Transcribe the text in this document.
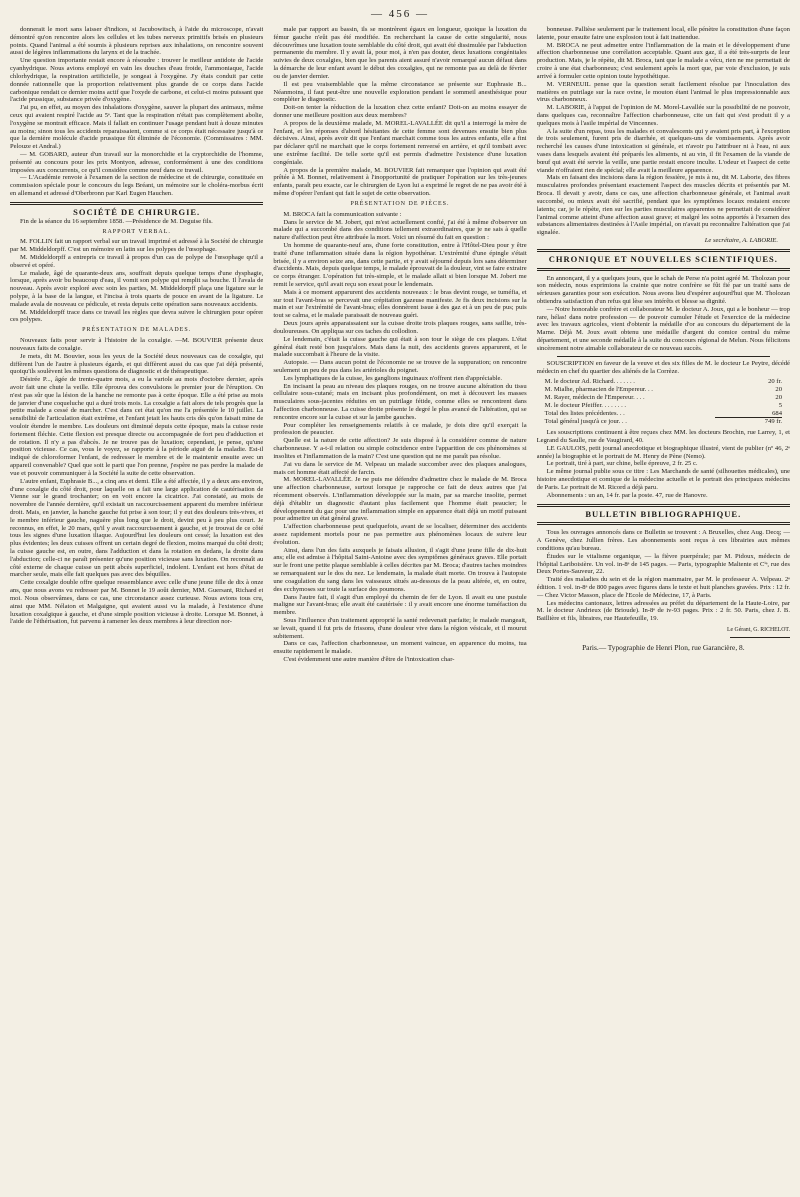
— 456 —

donnerait le mort sans laisser d'indices, si Jacubowitsch, à l'aide du microscope, n'avait démontré qu'on rencontre alors les cellules et les tubes nerveux primitifs brisés en plusieurs points. Quand l'animal a été soumis à plusieurs reprises aux inhalations, on rencontre souvent aussi de légères inflammations du larynx et de la trachée.

Une question importante restait encore à résoudre : trouver le meilleur antidote de l'acide cyanhydrique. Nous avions employé en vain les douches d'eau froide, l'ammoniaque, l'acide chlorhydrique, la respiration artificielle, je songeai à l'oxygène. J'y étais conduit par cette donnée rationnelle que la proportion relativement plus grande de ce corps dans l'acide carbonique rendait ce dernier moins actif que l'oxyde de carbone, et celui-ci moins puissant que l'acide prussique, substance privée d'oxygène.

J'ai pu, en effet, au moyen des inhalations d'oxygène, sauver la plupart des animaux, même ceux qui avaient respiré l'acide au 5ᵉ. Tant que la respiration n'était pas complètement abolie, l'oxygène se montrait efficace. Mais il fallait en continuer l'usage pendant huit à douze minutes au moins; sinon tous les accidents reparaissaient, comme si ce corps était nécessaire jusqu'à ce que la dernière molécule d'acide prussique fût éliminée de l'économie. (Commissaires : MM. Pelouze et Andral.)

— M. GOBARD, auteur d'un travail sur la monorchidie et la cryptorchidie de l'homme, présenté au concours pour les prix Montyon, adresse, conformément à une des conditions imposées aux concurrents, ce qu'il considère comme neuf dans ce travail.

— L'Académie renvoie à l'examen de la section de médecine et de chirurgie, constituée en commission spéciale pour le concours du legs Bréant, un mémoire sur le choléra-morbus écrit en allemand et adressé d'Oberbronn par Karl Eugen Hauchen.

SOCIÉTÉ DE CHIRURGIE.

Fin de la séance du 16 septembre 1858. —Présidence de M. Deguise fils.

RAPPORT VERBAL.

M. FOLLIN fait un rapport verbal sur un travail imprimé et adressé à la Société de chirurgie par M. Middeldorpff. C'est un mémoire en latin sur les polypes de l'œsophage.

M. Middeldorpff a entrepris ce travail à propos d'un cas de polype de l'œsophage qu'il a observé et opéré.

Le malade, âgé de quarante-deux ans, souffrait depuis quelque temps d'une dysphagie, lorsque, après avoir bu beaucoup d'eau, il vomit son polype qui remplit sa bouche. Il l'avala de nouveau. Après avoir exploré avec soin les parties, M. Middeldorpff plaça une ligature sur le polype, à la base de la langue, et l'incisa à trois quarts de pouce en avant de la ligature. Le malade avala de nouveau ce pédicule, et resta depuis cette opération sans nouveaux accidents.

M. Middeldorpff trace dans ce travail les règles que devra suivre le chirurgien pour opérer ces polypes.

PRÉSENTATION DE MALADES.

Nouveaux faits pour servir à l'histoire de la coxalgie. —M. BOUVIER présente deux nouveaux faits de coxalgie.

Je mets, dit M. Bouvier, sous les yeux de la Société deux nouveaux cas de coxalgie, qui diffèrent l'un de l'autre à plusieurs égards, et qui diffèrent aussi du cas que j'ai déjà présenté, quoiqu'ils soulèvent les mêmes questions de diagnostic et de thérapeutique.

Désirée P..., âgée de trente-quatre mois, a eu la variole au mois d'octobre dernier, après avoir fait une chute la veille. Elle éprouva des convulsions le premier jour de l'éruption. On n'est pas sûr que la lésion de la hanche ne remonte pas à cette époque. Elle a été prise au mois de janvier d'une coqueluche qui a duré trois mois. La coxalgie a fait alors de tels progrès que la petite malade a cessé de marcher. C'est dans cet état qu'on me l'a présentée le 10 juillet. La sensibilité de l'articulation était extrême, et l'enfant jetait les hauts cris dès qu'on faisait mine de vouloir étendre le membre. Les douleurs ont diminué depuis cette époque, mais la cuisse reste fortement fléchie. Cette flexion est presque directe ou accompagnée de fort peu d'adduction et de rotation. Il n'y a pas d'abcès. Je ne trouve pas de luxation; cependant, je pense, qu'une position vicieuse. Ce cas, vous le voyez, se rapporte à la période aiguë de la maladie. Est-il indiqué de chloroformer l'enfant, de redresser le membre et de le maintenir ensuite avec un appareil convenable? Quel que soit le parti que l'on prenne, j'espère ne pas perdre la malade de vue et pouvoir communiquer à la Société la suite de cette observation.

L'autre enfant, Euphrasie B..., a cinq ans et demi. Elle a été affectée, il y a deux ans environ, d'une coxalgie du côté droit, pour laquelle on a fait une large application de cautérisation de Vienne sur le grand trochanter; on en voit encore la cicatrice. J'ai constaté, au mois de novembre de l'année dernière, qu'il existait un raccourcissement apparent du membre inférieur droit. Mais, en janvier, la hanche gauche fut prise à son tour; il y eut des douleurs très-vives, et le membre inférieur gauche, naguère plus long que le droit, devint peu à peu plus court. Je reconnus, en effet, le 20 mars, qu'il y avait raccourcissement à gauche, et je trouvai de ce côté tous les signes d'une luxation iliaque. Aujourd'hui les douleurs ont cessé; la luxation est des plus évidentes; les deux cuisses offrent un certain degré de flexion, moins marqué du côté droit; la cuisse gauche est, en outre, dans l'adduction et dans la rotation en dedans, la droite dans l'abduction; celle-ci ne paraît présenter qu'une position vicieuse sans luxation. On reconnaît au côté externe de chaque cuisse un petit abcès superficiel, indolent. L'enfant est hors d'état de marcher seule, mais elle fait quelques pas avec des béquilles.

Cette coxalgie double offre quelque ressemblance avec celle d'une jeune fille de dix à onze ans, que nous avons vu redresser par M. Bonnet le 19 août dernier, MM. Guersant, Richard et moi. Nous observâmes, dans ce cas, une circonstance assez curieuse. Nous avions tous cru, ainsi que MM. Nélaton et Malgaigne, qui avaient aussi vu la malade, à l'existence d'une luxation coxalgique à gauche, et d'une simple position vicieuse à droite. Lorsque M. Bonnet, à l'aide de l'éthérisation, fut parvenu à ramener les deux membres à leur direction nor-

male par rapport au bassin, ils se montrèrent égaux en longueur, quoique la luxation du fémur gauche n'eût pas été modifiée. En recherchant la cause de cette singularité, nous découvrîmes une luxation toute semblable du côté droit, qui avait été dissimulée par l'abduction permanente du membre. Il y avait là, pour moi, à n'en pas douter, deux luxations congénitales suivies de deux coxalgies, bien que les parents aient assuré n'avoir remarqué aucun défaut dans la démarche de leur enfant avant le début des coxalgies, qui ne remonte pas au delà de février ou de janvier dernier.

Il est peu vraisemblable que la même circonstance se présente sur Euphrasie B... Néanmoins, il faut peut-être une nouvelle exploration pendant le sommeil anesthésique pour compléter le diagnostic.

Doit-on tenter la réduction de la luxation chez cette enfant? Doit-on au moins essayer de donner une meilleure position aux deux membres?

A propos de la deuxième malade, M. MOREL-LAVALLÉE dit qu'il a interrogé la mère de l'enfant, et les réponses d'abord hésitantes de cette femme sont devenues ensuite bien plus décisives. Ainsi, après avoir dit que l'enfant marchait comme tous les autres enfants, elle a fini par déclarer qu'il ne marchait que le corps fortement renversé en arrière, et qu'il tombait avec une extrême facilité. De telle sorte qu'il est permis d'admettre l'existence d'une luxation congéniale.

A propos de la première malade, M. BOUVIER fait remarquer que l'opinion qui avait été prêtée à M. Bonnet, relativement à l'inopportunité de pratiquer l'opération sur les très-jeunes enfants, paraît peu exacte, car le chirurgien de Lyon lui a exprimé le regret de ne pas avoir été à même d'opérer l'enfant qui fait le sujet de cette observation.

PRÉSENTATION DE PIÈCES.

M. BROCA fait la communication suivante :

Dans le service de M. Jobert, qui m'est actuellement confié, j'ai été à même d'observer un malade qui a succombé dans des conditions tellement extraordinaires, que je ne sais à quelle nature d'affection peut être attribuée la mort. Voici un résumé du fait en question :

Un homme de quarante-neuf ans, d'une forte constitution, entre à l'Hôtel-Dieu pour y être traité d'une inflammation située dans la région hypothénar. L'extrémité d'une épingle s'était brisée, il y a environ seize ans, dans cette partie, et y avait séjourné depuis lors sans déterminer d'accidents. Mais, depuis quelque temps, le malade éprouvait de la douleur, vint se faire extraire ce corps étranger. L'opération fut très-simple, et le malade allait si bien lorsque M. Jobert me remit le service, qu'il avait reçu son exeat pour le lendemain.

Mais à ce moment apparurent des accidents nouveaux : le bras devint rouge, se tuméfia, et sur tout l'avant-bras se percevait une crépitation gazeuse manifeste. Je fis deux incisions sur la main et sur l'extrémité de l'avant-bras; elles donnèrent issue à des gaz et à un peu de pus; puis tout se calma, et le malade paraissait de nouveau guéri.

Deux jours après apparaissaient sur la cuisse droite trois plaques rouges, sans saillie, très-douloureuses. On appliqua sur ces taches du collodion.

Le lendemain, c'était la cuisse gauche qui était à son tour le siège de ces plaques. L'état général était resté bon jusqu'alors. Mais dans la nuit, des accidents graves apparurent, et le malade succombait à l'heure de la visite.

Autopsie. — Dans aucun point de l'économie ne se trouve de la suppuration; on rencontre seulement un peu de pus dans les artérioles du poignet.

Les lymphatiques de la cuisse, les ganglions inguinaux n'offrent rien d'appréciable.

En incisant la peau au niveau des plaques rouges, on ne trouve aucune altération du tissu cellulaire sous-cutané; mais en incisant plus profondément, on met à découvert les masses musculaires sous-jacentes réduites en un putrilage fétide, comme elles se rencontrent dans l'affection charbonneuse. La cuisse droite présente le degré le plus avancé de l'altération, qui se rencontre encore sur la cuisse et sur la jambe gauches.

Pour compléter les renseignements relatifs à ce malade, je dois dire qu'il exerçait la profession de peaucier.

Quelle est la nature de cette affection? Je suis disposé à la considérer comme de nature charbonneuse. Y a-t-il relation ou simple coïncidence entre l'apparition de ces phénomènes si insolites et l'inflammation de la main? C'est une question qui ne me paraît pas résolue.

J'ai vu dans le service de M. Velpeau un malade succomber avec des plaques analogues, mais cet homme était affecté de farcin.

M. MOREL-LAVALLÉE. Je ne puis me défendre d'admettre chez le malade de M. Broca une affection charbonneuse, surtout lorsque je rapproche ce fait de deux autres que j'ai récemment observés. L'inflammation développée sur la main, par sa marche insolite, permet déjà d'établir un diagnostic d'autant plus facilement que l'homme était peaucier; le développement du gaz pour une inflammation simple en apparence était déjà un motif puissant pour admettre un état général grave.

L'affection charbonneuse peut quelquefois, avant de se localiser, déterminer des accidents assez rapidement mortels pour ne pas permettre aux phénomènes locaux de suivre leur évolution.

Ainsi, dans l'un des faits auxquels je faisais allusion, il s'agit d'une jeune fille de dix-huit ans; elle est admise à l'hôpital Saint-Antoine avec des symptômes généraux graves. Elle portait sur le front une petite plaque semblable à celles décrites par M. Broca; d'autres taches moindres se remarquaient sur le dos du nez. Le lendemain, la malade était morte. On trouva à l'autopsie une coagulation du sang dans les vaisseaux situés au-dessous de la peau altérée, et, en outre, des ecchymoses sur toute la surface des poumons.

Dans l'autre fait, il s'agit d'un employé du chemin de fer de Lyon. Il avait eu une pustule maligne sur l'avant-bras; elle avait été cautérisée : il y avait encore une énorme tuméfaction du membre.

Sous l'influence d'un traitement approprié la santé redevenait parfaite; le malade mangeait, se levait, quand il fut pris de frissons, d'une douleur vive dans la région vésicale, et il mourut subitement.

Dans ce cas, l'affection charbonneuse, un moment vaincue, en apparence du moins, tua ensuite rapidement le malade.

C'est évidemment une autre manière d'être de l'intoxication char-

bonneuse. Pallièse seulement par le traitement local, elle pénètre la constitution d'une façon latente, pour ensuite faire une explosion tout à fait inattendue.

M. BROCA ne peut admettre entre l'inflammation de la main et le développement d'une affection charbonneuse une corrélation acceptable. Quant aux gaz, il a été très-surpris de leur production. Mais, je le répète, dit M. Broca, tant que le malade a vécu, rien ne me permettait de croire à une état charbonneux; c'est seulement après la mort que, par voie d'exclusion, je suis arrivé à formuler cette opinion toute hypothétique.

M. VERNEUIL pense que la question serait facilement résolue par l'inoculation des matières en putrilage sur la race ovine, le mouton étant l'animal le plus impressionnable aux virus charbonneux.

M. LABORIE, à l'appui de l'opinion de M. Morel-Lavallée sur la possibilité de ne pouvoir, dans quelques cas, reconnaître l'affection charbonneuse, cite un fait qui s'est produit il y a quelques mois à l'asile impérial de Vincennes.

A la suite d'un repas, tous les malades et convalescents qui y avaient pris part, à l'exception de trois seulement, furent pris de diarrhée, et quelques-uns de vomissements. Après avoir recherché les causes d'une intoxication si générale, et n'avoir pu l'attribuer ni à l'eau, ni aux vases dans lesquels avaient été préparés les aliments, ni au vin, il fit l'examen de la viande de bœuf qui avait été servie la veille, une partie restait encore inculte. L'odeur et l'aspect de cette viande n'offraient rien de spécial; elle avait la meilleure apparence.

Mais en faisant des incisions dans la région fessière, je mis à nu, dit M. Laborie, des fibres musculaires profondes présentant exactement l'aspect des muscles décrits et présentés par M. Broca. Il devait y avoir, dans ce cas, une affection charbonneuse générale, et l'animal avait succombé, ou mieux avait été sacrifié, pendant que les symptômes locaux restaient encore latents; car, je le répète, rien sur les parties musculaires apparentes ne permettait de considérer l'animal comme atteint d'une affection aussi grave; et malgré les soins apportés à l'examen des substances alimentaires destinées à l'Asile impérial, on n'avait pu reconnaître l'altération que j'ai signalée.

Le secrétaire, A. LABORIE.
CHRONIQUE ET NOUVELLES SCIENTIFIQUES.

En annonçant, il y a quelques jours, que le schah de Perse n'a point agréé M. Tholozan pour son médecin, nous exprimions la crainte que notre confrère se fût fié par un traité sans de sérieuses garanties pour son exécution. Nous avons lieu d'espérer aujourd'hui que M. Tholozan obtiendra satisfaction d'un refus qui lèse ses intérêts et blesse sa dignité.

— Notre honorable confrère et collaborateur M. le docteur A. Joux, qui a le bonheur — trop rare, hélas! dans notre profession — de pouvoir cumuler l'étude et l'exercice de la médecine avec les travaux agricoles, vient d'obtenir la médaille d'or au concours du département de la Marne. Déjà M. Joux avait obtenu une médaille d'argent du comice central du même département, et une seconde médaille à la suite du concours régional de Melun. Nous félicitons sincèrement notre aimable collaborateur de ce nouveau succès.

SOUSCRIPTION en faveur de la veuve et des six filles de M. le docteur Le Peytre, décédé médecin en chef du quartier des aliénés de la Corrèze.

M. le docteur Ad. Richard. . . . . . .	20 fr.
M. Mialhe, pharmacien de l'Empereur. . .	20
M. Rayer, médecin de l'Empereur. . . .	20
M. le docteur Pfeiffer. . . . . . . .	5
Total des listes précédentes. . .	684
Total général jusqu'à ce jour. . .	749 fr.

Les souscriptions continuent à être reçues chez MM. les docteurs Brochin, rue Larrey, 1, et Legrand du Saulle, rue de Vaugirard, 40.

LE GAULOIS, petit journal anecdotique et biographique illustré, vient de publier (nº 46, 2ᵉ année) la biographie et le portrait de M. Henry de Pène (Nemo).

Le portrait, tiré à part, sur chine, belle épreuve, 2 fr. 25 c.

Le même journal publie sous ce titre : Les Marchands de santé (silhouettes médicales), une histoire anecdotique et comique de la médecine actuelle et le portrait des principaux médecins de Paris. Le portrait de M. Ricord a déjà paru.

Abonnements : un an, 14 fr. par la poste. 47, rue de Hanovre.

BULLETIN BIBLIOGRAPHIQUE.

Tous les ouvrages annoncés dans ce Bulletin se trouvent : A Bruxelles, chez Aug. Decq; — A Genève, chez Jullien frères. Les abonnements sont reçus à ces librairies aux mêmes conditions qu'au bureau.

Études sur le vitalisme organique, — la fièvre puerpérale; par M. Pidoux, médecin de l'hôpital Lariboisière. Un vol. in-8ᵉ de 145 pages. — Paris, typographie Maltente et Cⁱᵉ, rue des Deux Portes-Sauveur, 22.

Traité des maladies du sein et de la région mammaire, par M. le professeur A. Velpeau. 2ᵉ édition. 1 vol. in-8ᵉ de 800 pages avec figures dans le texte et huit planches gravées. Prix : 12 fr. — Chez Victor Masson, place de l'Ecole de Médecine, 17, à Paris.

Les médecins cantonaux, lettres adressées au préfet du département de la Haute-Loire, par M. le docteur Andrieux (de Brioude). In-8ᵉ de iv-93 pages. Prix : 2 fr. 50. Paris, chez J. B. Baillière et fils, libraires, rue Hautefeuille, 19.

Le Gérant, G. RICHELOT.
Paris.— Typographie de Henri Plon, rue Garancière, 8.
